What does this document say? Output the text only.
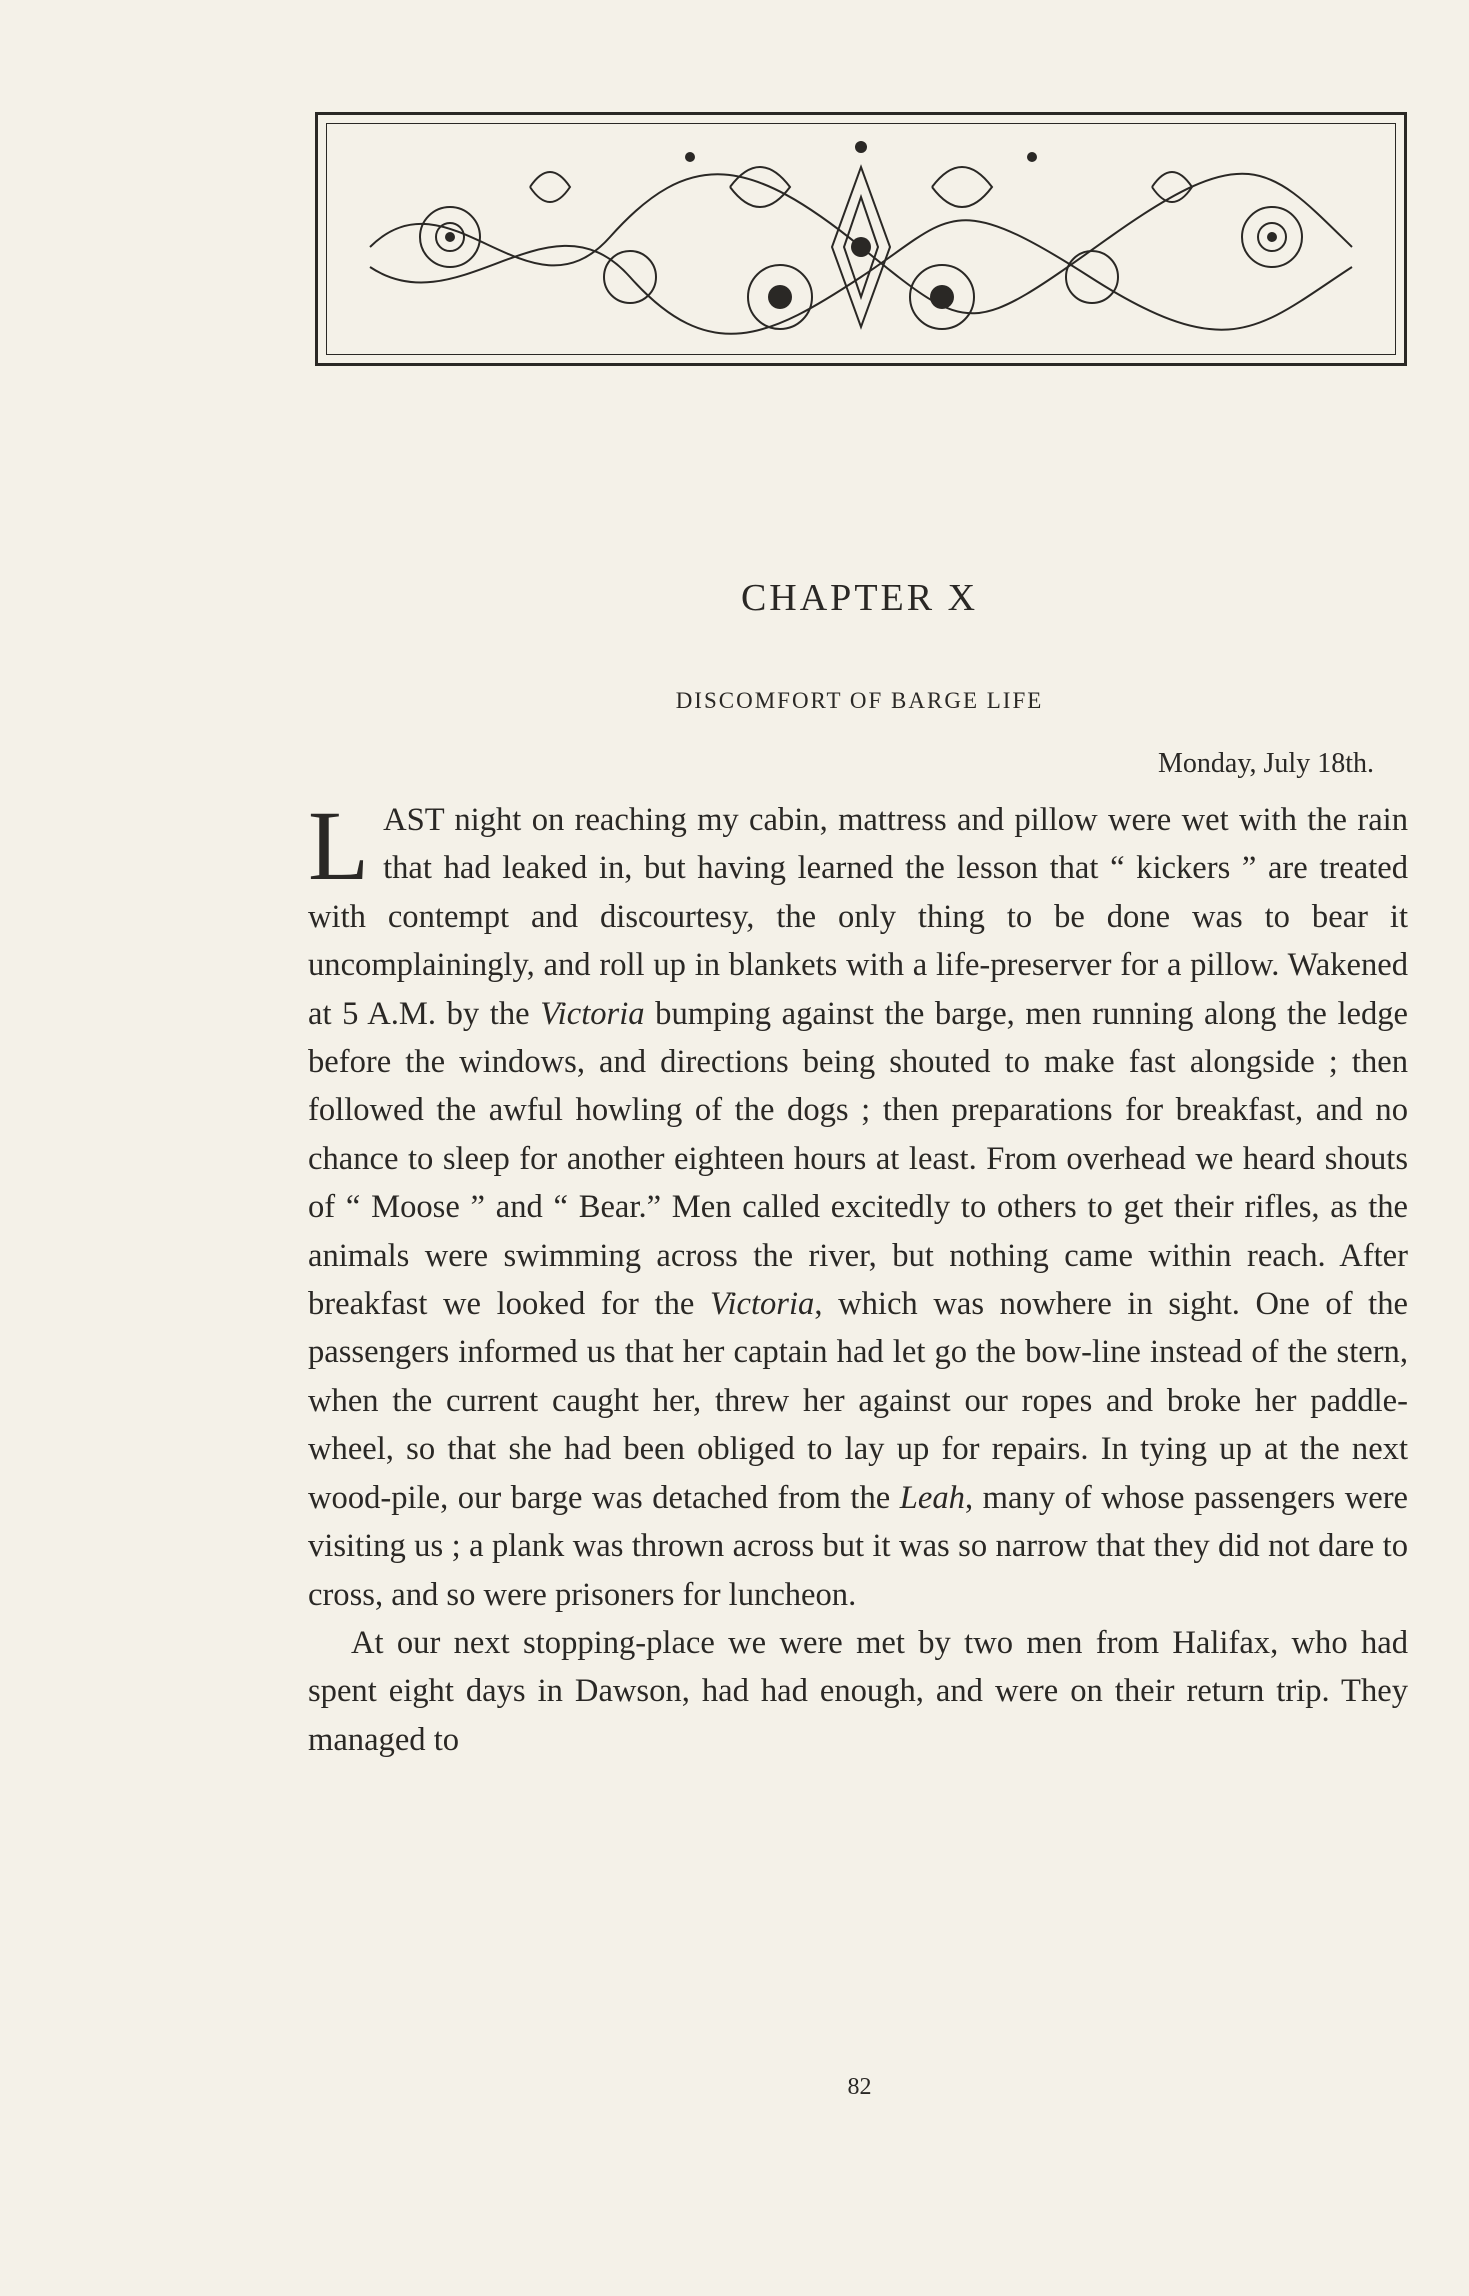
CHAPTER X
DISCOMFORT OF BARGE LIFE
Monday, July 18th.

LAST night on reaching my cabin, mattress and pillow were wet with the rain that had leaked in, but having learned the lesson that “ kickers ” are treated with contempt and discourtesy, the only thing to be done was to bear it uncomplainingly, and roll up in blankets with a life-preserver for a pillow. Wakened at 5 A.M. by the Victoria bumping against the barge, men running along the ledge before the windows, and directions being shouted to make fast alongside ; then followed the awful howling of the dogs ; then preparations for breakfast, and no chance to sleep for another eighteen hours at least. From overhead we heard shouts of “ Moose ” and “ Bear.” Men called excitedly to others to get their rifles, as the animals were swimming across the river, but nothing came within reach. After breakfast we looked for the Victoria, which was nowhere in sight. One of the passengers informed us that her captain had let go the bow-line instead of the stern, when the current caught her, threw her against our ropes and broke her paddle-wheel, so that she had been obliged to lay up for repairs. In tying up at the next wood-pile, our barge was detached from the Leah, many of whose passengers were visiting us ; a plank was thrown across but it was so narrow that they did not dare to cross, and so were prisoners for luncheon.

At our next stopping-place we were met by two men from Halifax, who had spent eight days in Dawson, had had enough, and were on their return trip. They managed to

82
